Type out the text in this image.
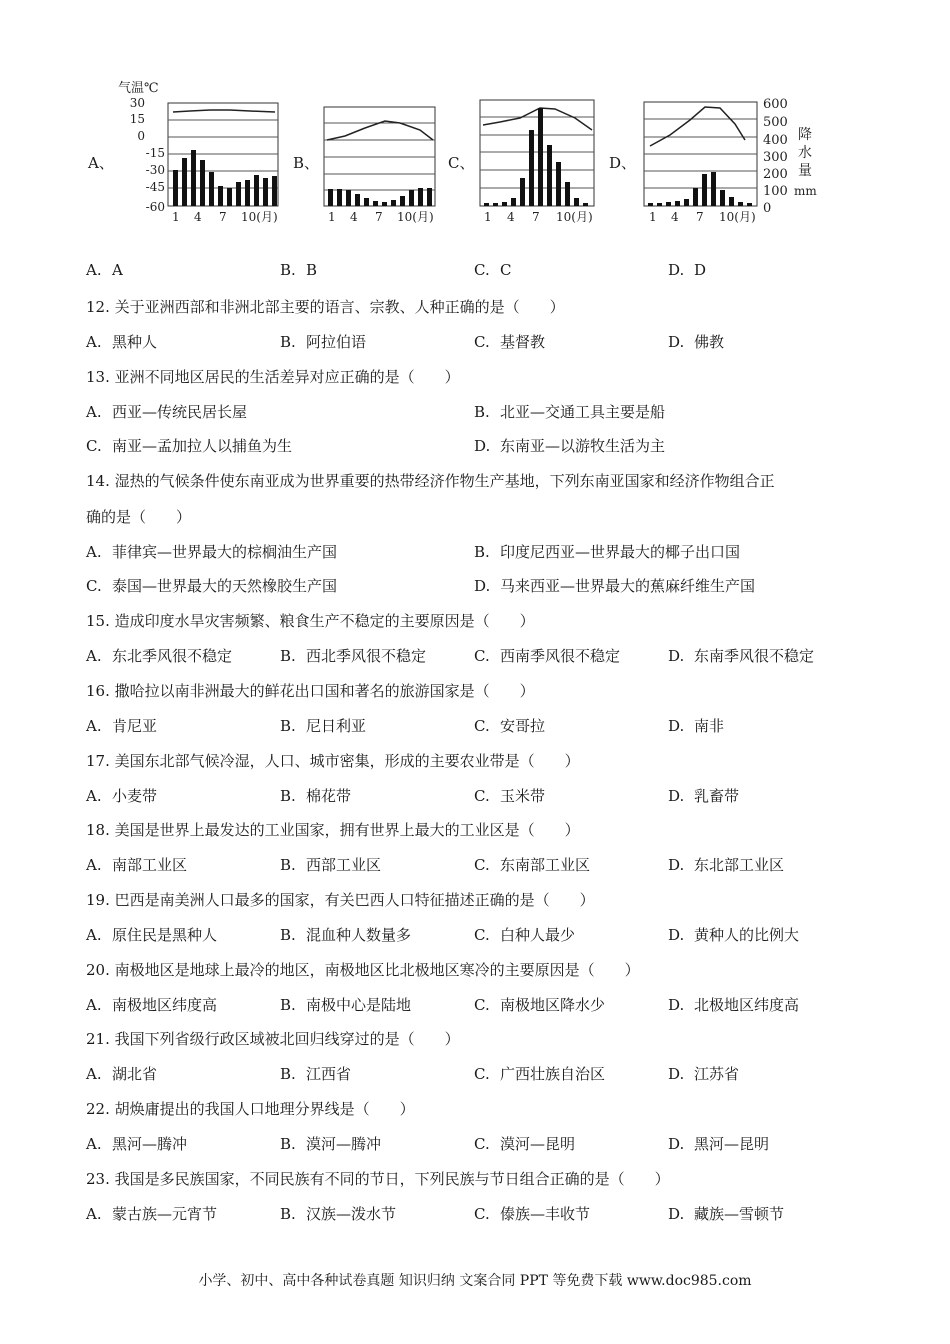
A、	B、	C、	D、
气温℃
30
15
0
-15
-30
-45
-60
1 4 7 10(月)	1 4 7 10(月)	1 4 7 10(月)	1 4 7 10(月)
600
500
400
300
200
100
0
降
水
量
mm
A. A	B. B	C. C	D. D
12. 关于亚洲西部和非洲北部主要的语言、宗教、人种正确的是（　　）
A. 黑种人	B. 阿拉伯语	C. 基督教	D. 佛教
13. 亚洲不同地区居民的生活差异对应正确的是（　　）
A. 西亚—传统民居长屋	B. 北亚—交通工具主要是船
C. 南亚—孟加拉人以捕鱼为生	D. 东南亚—以游牧生活为主
14. 湿热的气候条件使东南亚成为世界重要的热带经济作物生产基地，下列东南亚国家和经济作物组合正
确的是（　　）
A. 菲律宾—世界最大的棕榈油生产国	B. 印度尼西亚—世界最大的椰子出口国
C. 泰国—世界最大的天然橡胶生产国	D. 马来西亚—世界最大的蕉麻纤维生产国
15. 造成印度水旱灾害频繁、粮食生产不稳定的主要原因是（　　）
A. 东北季风很不稳定	B. 西北季风很不稳定	C. 西南季风很不稳定	D. 东南季风很不稳定
16. 撒哈拉以南非洲最大的鲜花出口国和著名的旅游国家是（　　）
A. 肯尼亚	B. 尼日利亚	C. 安哥拉	D. 南非
17. 美国东北部气候冷湿，人口、城市密集，形成的主要农业带是（　　）
A. 小麦带	B. 棉花带	C. 玉米带	D. 乳畜带
18. 美国是世界上最发达的工业国家，拥有世界上最大的工业区是（　　）
A. 南部工业区	B. 西部工业区	C. 东南部工业区	D. 东北部工业区
19. 巴西是南美洲人口最多的国家，有关巴西人口特征描述正确的是（　　）
A. 原住民是黑种人	B. 混血种人数量多	C. 白种人最少	D. 黄种人的比例大
20. 南极地区是地球上最冷的地区，南极地区比北极地区寒冷的主要原因是（　　）
A. 南极地区纬度高	B. 南极中心是陆地	C. 南极地区降水少	D. 北极地区纬度高
21. 我国下列省级行政区域被北回归线穿过的是（　　）
A. 湖北省	B. 江西省	C. 广西壮族自治区	D. 江苏省
22. 胡焕庸提出的我国人口地理分界线是（　　）
A. 黑河—腾冲	B. 漠河—腾冲	C. 漠河—昆明	D. 黑河—昆明
23. 我国是多民族国家，不同民族有不同的节日，下列民族与节日组合正确的是（　　）
A. 蒙古族—元宵节	B. 汉族—泼水节	C. 傣族—丰收节	D. 藏族—雪顿节
小学、初中、高中各种试卷真题 知识归纳 文案合同 PPT 等免费下载 www.doc985.com
